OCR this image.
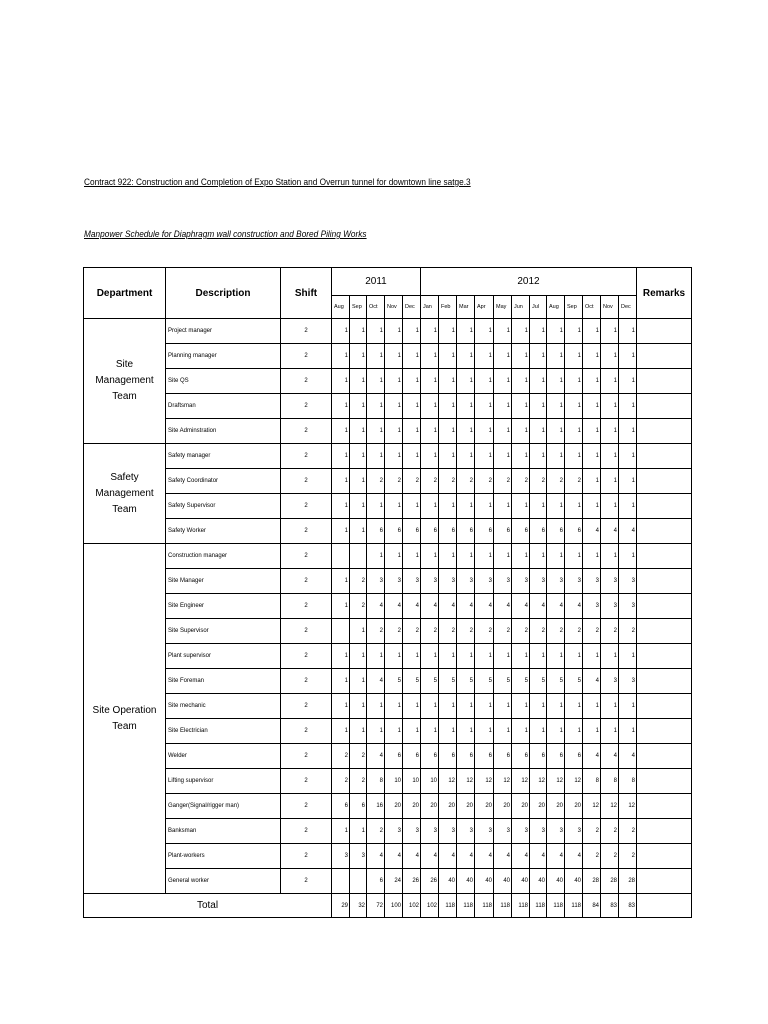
Contract 922: Construction and Completion of Expo Station and Overrun tunnel for downtown line satge.3
Manpower Schedule for Diaphragm wall construction and Bored Piling Works
Department	Description	Shift	2011					2012												Remarks
			Aug	Sep	Oct	Nov	Dec	Jan	Feb	Mar	Apr	May	Jun	Jul	Aug	Sep	Oct	Nov	Dec	
Site Management Team	Project manager	2	1	1	1	1	1	1	1	1	1	1	1	1	1	1	1	1	1	
	Planning manager	2	1	1	1	1	1	1	1	1	1	1	1	1	1	1	1	1	1	
	Site QS	2	1	1	1	1	1	1	1	1	1	1	1	1	1	1	1	1	1	
	Draftsman	2	1	1	1	1	1	1	1	1	1	1	1	1	1	1	1	1	1	
	Site Adminstration	2	1	1	1	1	1	1	1	1	1	1	1	1	1	1	1	1	1	
Safety Management Team	Safety manager	2	1	1	1	1	1	1	1	1	1	1	1	1	1	1	1	1	1	
	Safety Coordinator	2	1	1	2	2	2	2	2	2	2	2	2	2	2	2	1	1	1	
	Safety Supervisor	2	1	1	1	1	1	1	1	1	1	1	1	1	1	1	1	1	1	
	Safety Worker	2	1	1	6	6	6	6	6	6	6	6	6	6	6	6	4	4	4	
Site Operation Team	Construction manager	2			1	1	1	1	1	1	1	1	1	1	1	1	1	1	1	
	Site Manager	2	1	2	3	3	3	3	3	3	3	3	3	3	3	3	3	3	3	
	Site Engineer	2	1	2	4	4	4	4	4	4	4	4	4	4	4	4	3	3	3	
	Site Supervisor	2		1	2	2	2	2	2	2	2	2	2	2	2	2	2	2	2	
	Plant supervisor	2	1	1	1	1	1	1	1	1	1	1	1	1	1	1	1	1	1	
	Site Foreman	2	1	1	4	5	5	5	5	5	5	5	5	5	5	5	4	3	3	
	Site mechanic	2	1	1	1	1	1	1	1	1	1	1	1	1	1	1	1	1	1	
	Site Electrician	2	1	1	1	1	1	1	1	1	1	1	1	1	1	1	1	1	1	
	Welder	2	2	2	4	6	6	6	6	6	6	6	6	6	6	6	4	4	4	
	Lifting supervisor	2	2	2	8	10	10	10	12	12	12	12	12	12	12	12	8	8	8	
	Ganger(Signal/rigger man)	2	6	6	16	20	20	20	20	20	20	20	20	20	20	20	12	12	12	
	Banksman	2	1	1	2	3	3	3	3	3	3	3	3	3	3	3	2	2	2	
	Plant-workers	2	3	3	4	4	4	4	4	4	4	4	4	4	4	4	2	2	2	
	General worker	2			6	24	26	26	40	40	40	40	40	40	40	40	28	28	28	
Total			29	32	72	100	102	102	118	118	118	118	118	118	118	118	84	83	83	
